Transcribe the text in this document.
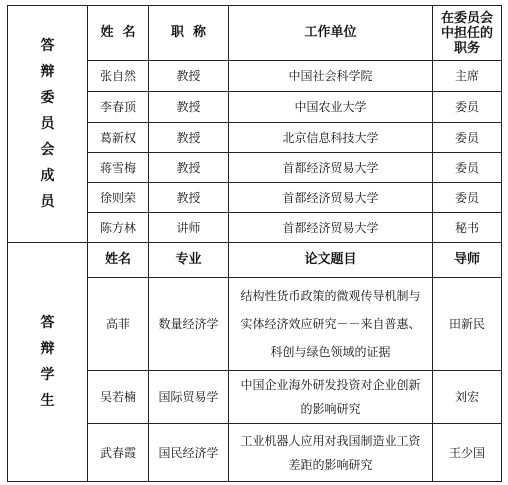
答辩委员会成员	姓  名	职  称	工作单位	在委员会中担任的职务
	张自然	教授	中国社会科学院	主席
	李春顶	教授	中国农业大学	委员
	葛新权	教授	北京信息科技大学	委员
	蒋雪梅	教授	首都经济贸易大学	委员
	徐则荣	教授	首都经济贸易大学	委员
	陈方林	讲师	首都经济贸易大学	秘书
答辩学生	姓名	专业	论文题目	导师
	高菲	数量经济学	结构性货币政策的微观传导机制与实体经济效应研究－－来自普惠、科创与绿色领域的证据	田新民
	吴若楠	国际贸易学	中国企业海外研发投资对企业创新的影响研究	刘宏
	武春霞	国民经济学	工业机器人应用对我国制造业工资差距的影响研究	王少国
